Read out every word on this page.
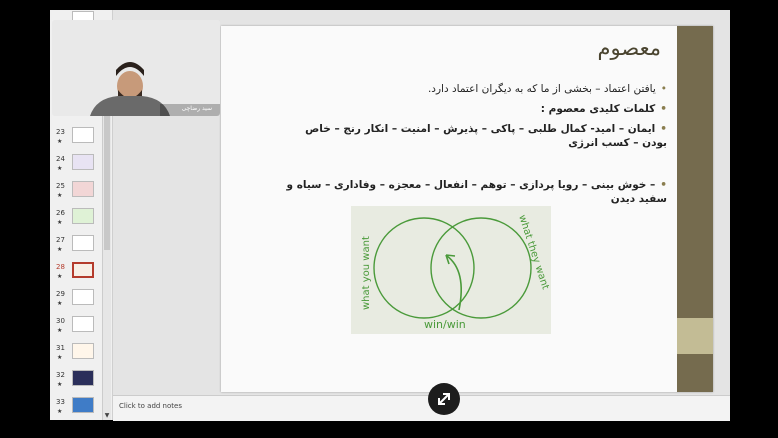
23
★
24
★
25
★
26
★
27
★
28
★
29
★
30
★
31
★
32
★
33
★
▼
معصوم
•یافتن اعتماد – بخشی از ما که به دیگران اعتماد دارد.
•کلمات کلیدی معصوم :
•ایمان – امید- کمال طلبی – پاکی – پذیرش – امنیت – انکار رنج – خاص بودن – کسب انرژی
•– خوش بینی – رویا پردازی – توهم – انفعال – معجزه – وفاداری – سیاه و سفید دیدن
what you want	what they want
win/win
Click to add notes
سید رضاچی
